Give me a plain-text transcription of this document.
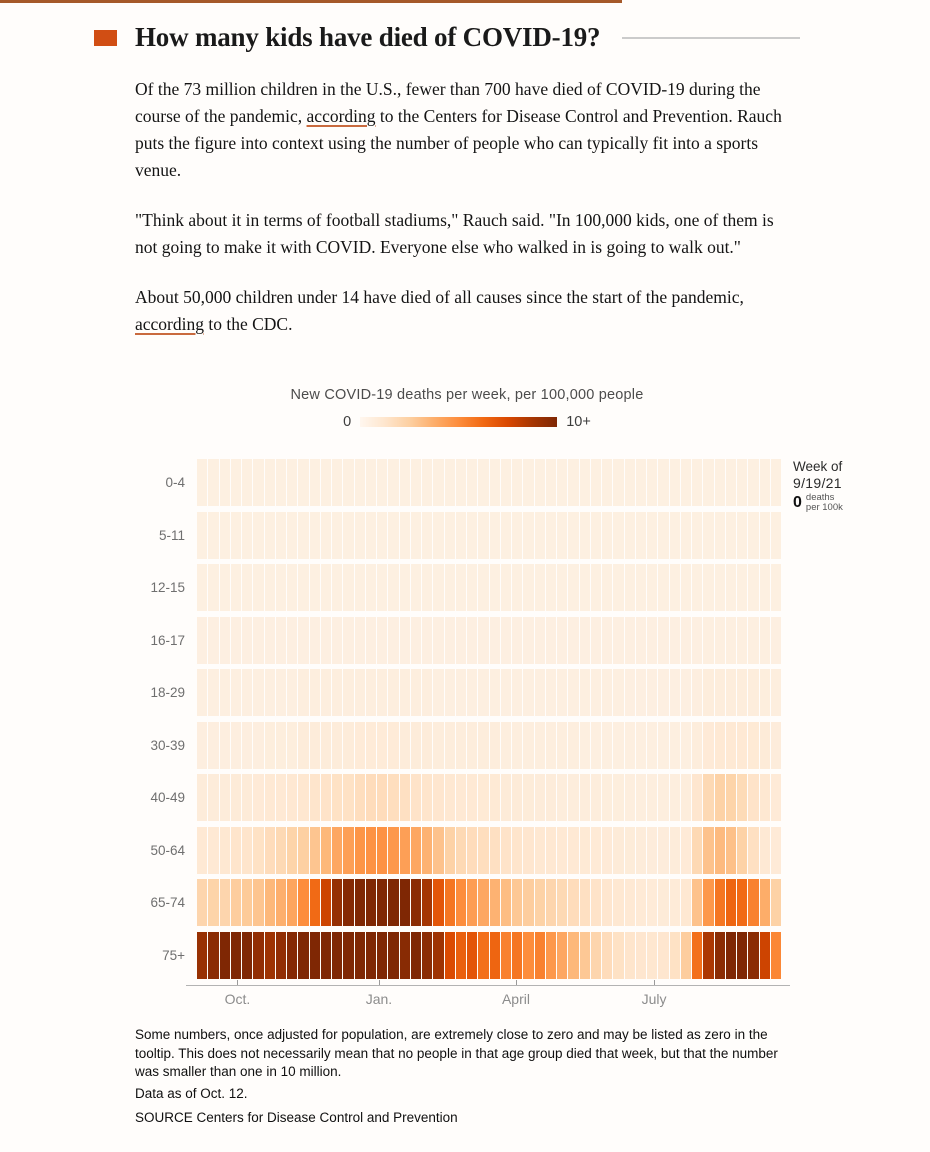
How many kids have died of COVID-19?

Of the 73 million children in the U.S., fewer than 700 have died of COVID-19 during the course of the pandemic, according to the Centers for Disease Control and Prevention. Rauch puts the figure into context using the number of people who can typically fit into a sports venue.

"Think about it in terms of football stadiums," Rauch said. "In 100,000 kids, one of them is not going to make it with COVID. Everyone else who walked in is going to walk out."

About 50,000 children under 14 have died of all causes since the start of the pandemic, according to the CDC.

New COVID-19 deaths per week, per 100,000 people
0	10+
0-4
5-11
12-15
16-17
18-29
30-39
40-49
50-64
65-74
75+
Oct.	Jan.	April	July
Week of
9/19/21
0 deaths
per 100k
Some numbers, once adjusted for population, are extremely close to zero and may be listed as zero in the tooltip. This does not necessarily mean that no people in that age group died that week, but that the number was smaller than one in 10 million.
Data as of Oct. 12.
SOURCE Centers for Disease Control and Prevention
